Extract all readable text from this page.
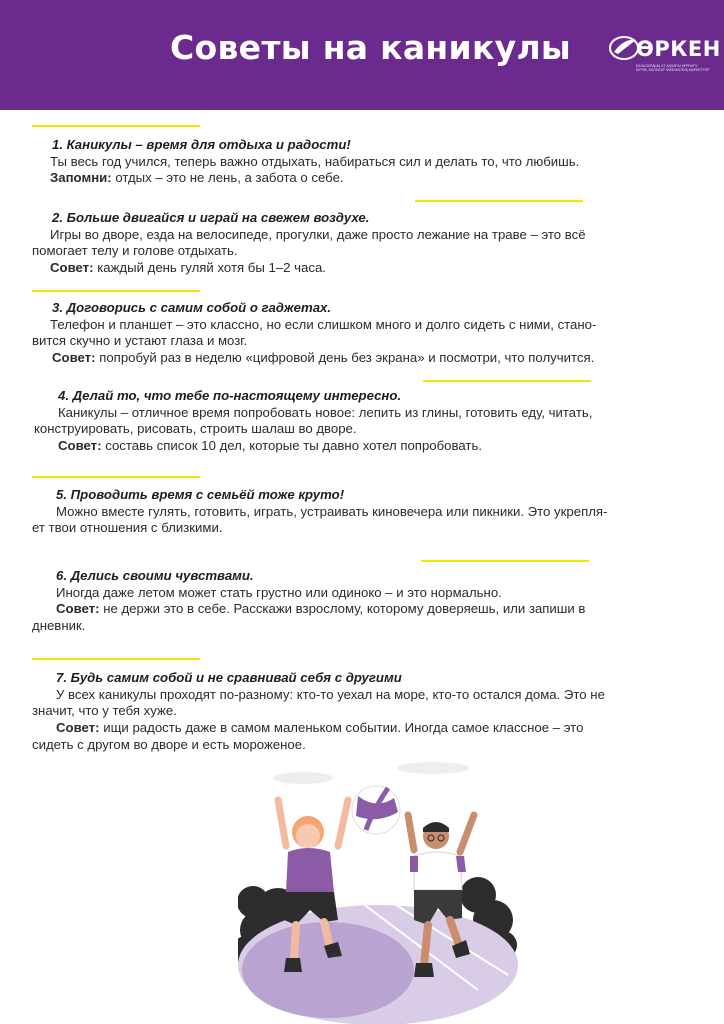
Советы на каникулы	ӨРКЕН
БАЛАЛАРДЫҢ АТ-АҚЛАРЫ ҚҰРҒЫРУ БІРЛІК, БАЛАЛАР ФИЗИКАЛЫҚ МАРКЕТТЕР
1. Каникулы – время для отдыха и радости!

Ты весь год учился, теперь важно отдыхать, набираться сил и делать то, что любишь.

Запомни: отдых – это не лень, а забота о себе.

2. Больше двигайся и играй на свежем воздухе.

Игры во дворе, езда на велосипеде, прогулки, даже просто лежание на траве – это всё

помогает телу и голове отдыхать.

Совет: каждый день гуляй хотя бы 1–2 часа.

3. Договорись с самим собой о гаджетах.

Телефон и планшет – это классно, но если слишком много и долго сидеть с ними, стано-

вится скучно и устают глаза и мозг.

Совет: попробуй раз в неделю «цифровой день без экрана» и посмотри, что получится.

4. Делай то, что тебе по-настоящему интересно.

Каникулы – отличное время попробовать новое: лепить из глины, готовить еду, читать,

конструировать, рисовать, строить шалаш во дворе.

Совет: составь список 10 дел, которые ты давно хотел попробовать.

5. Проводить время с семьёй тоже круто!

Можно вместе гулять, готовить, играть, устраивать киновечера или пикники. Это укрепля-

ет твои отношения с близкими.

6. Делись своими чувствами.

Иногда даже летом может стать грустно или одиноко – и это нормально.

Совет: не держи это в себе. Расскажи взрослому, которому доверяешь, или запиши в

дневник.

7. Будь самим собой и не сравнивай себя с другими

У всех каникулы проходят по-разному: кто-то уехал на море, кто-то остался дома. Это не

значит, что у тебя хуже.

Совет: ищи радость даже в самом маленьком событии. Иногда самое классное – это

сидеть с другом во дворе и есть мороженое.
